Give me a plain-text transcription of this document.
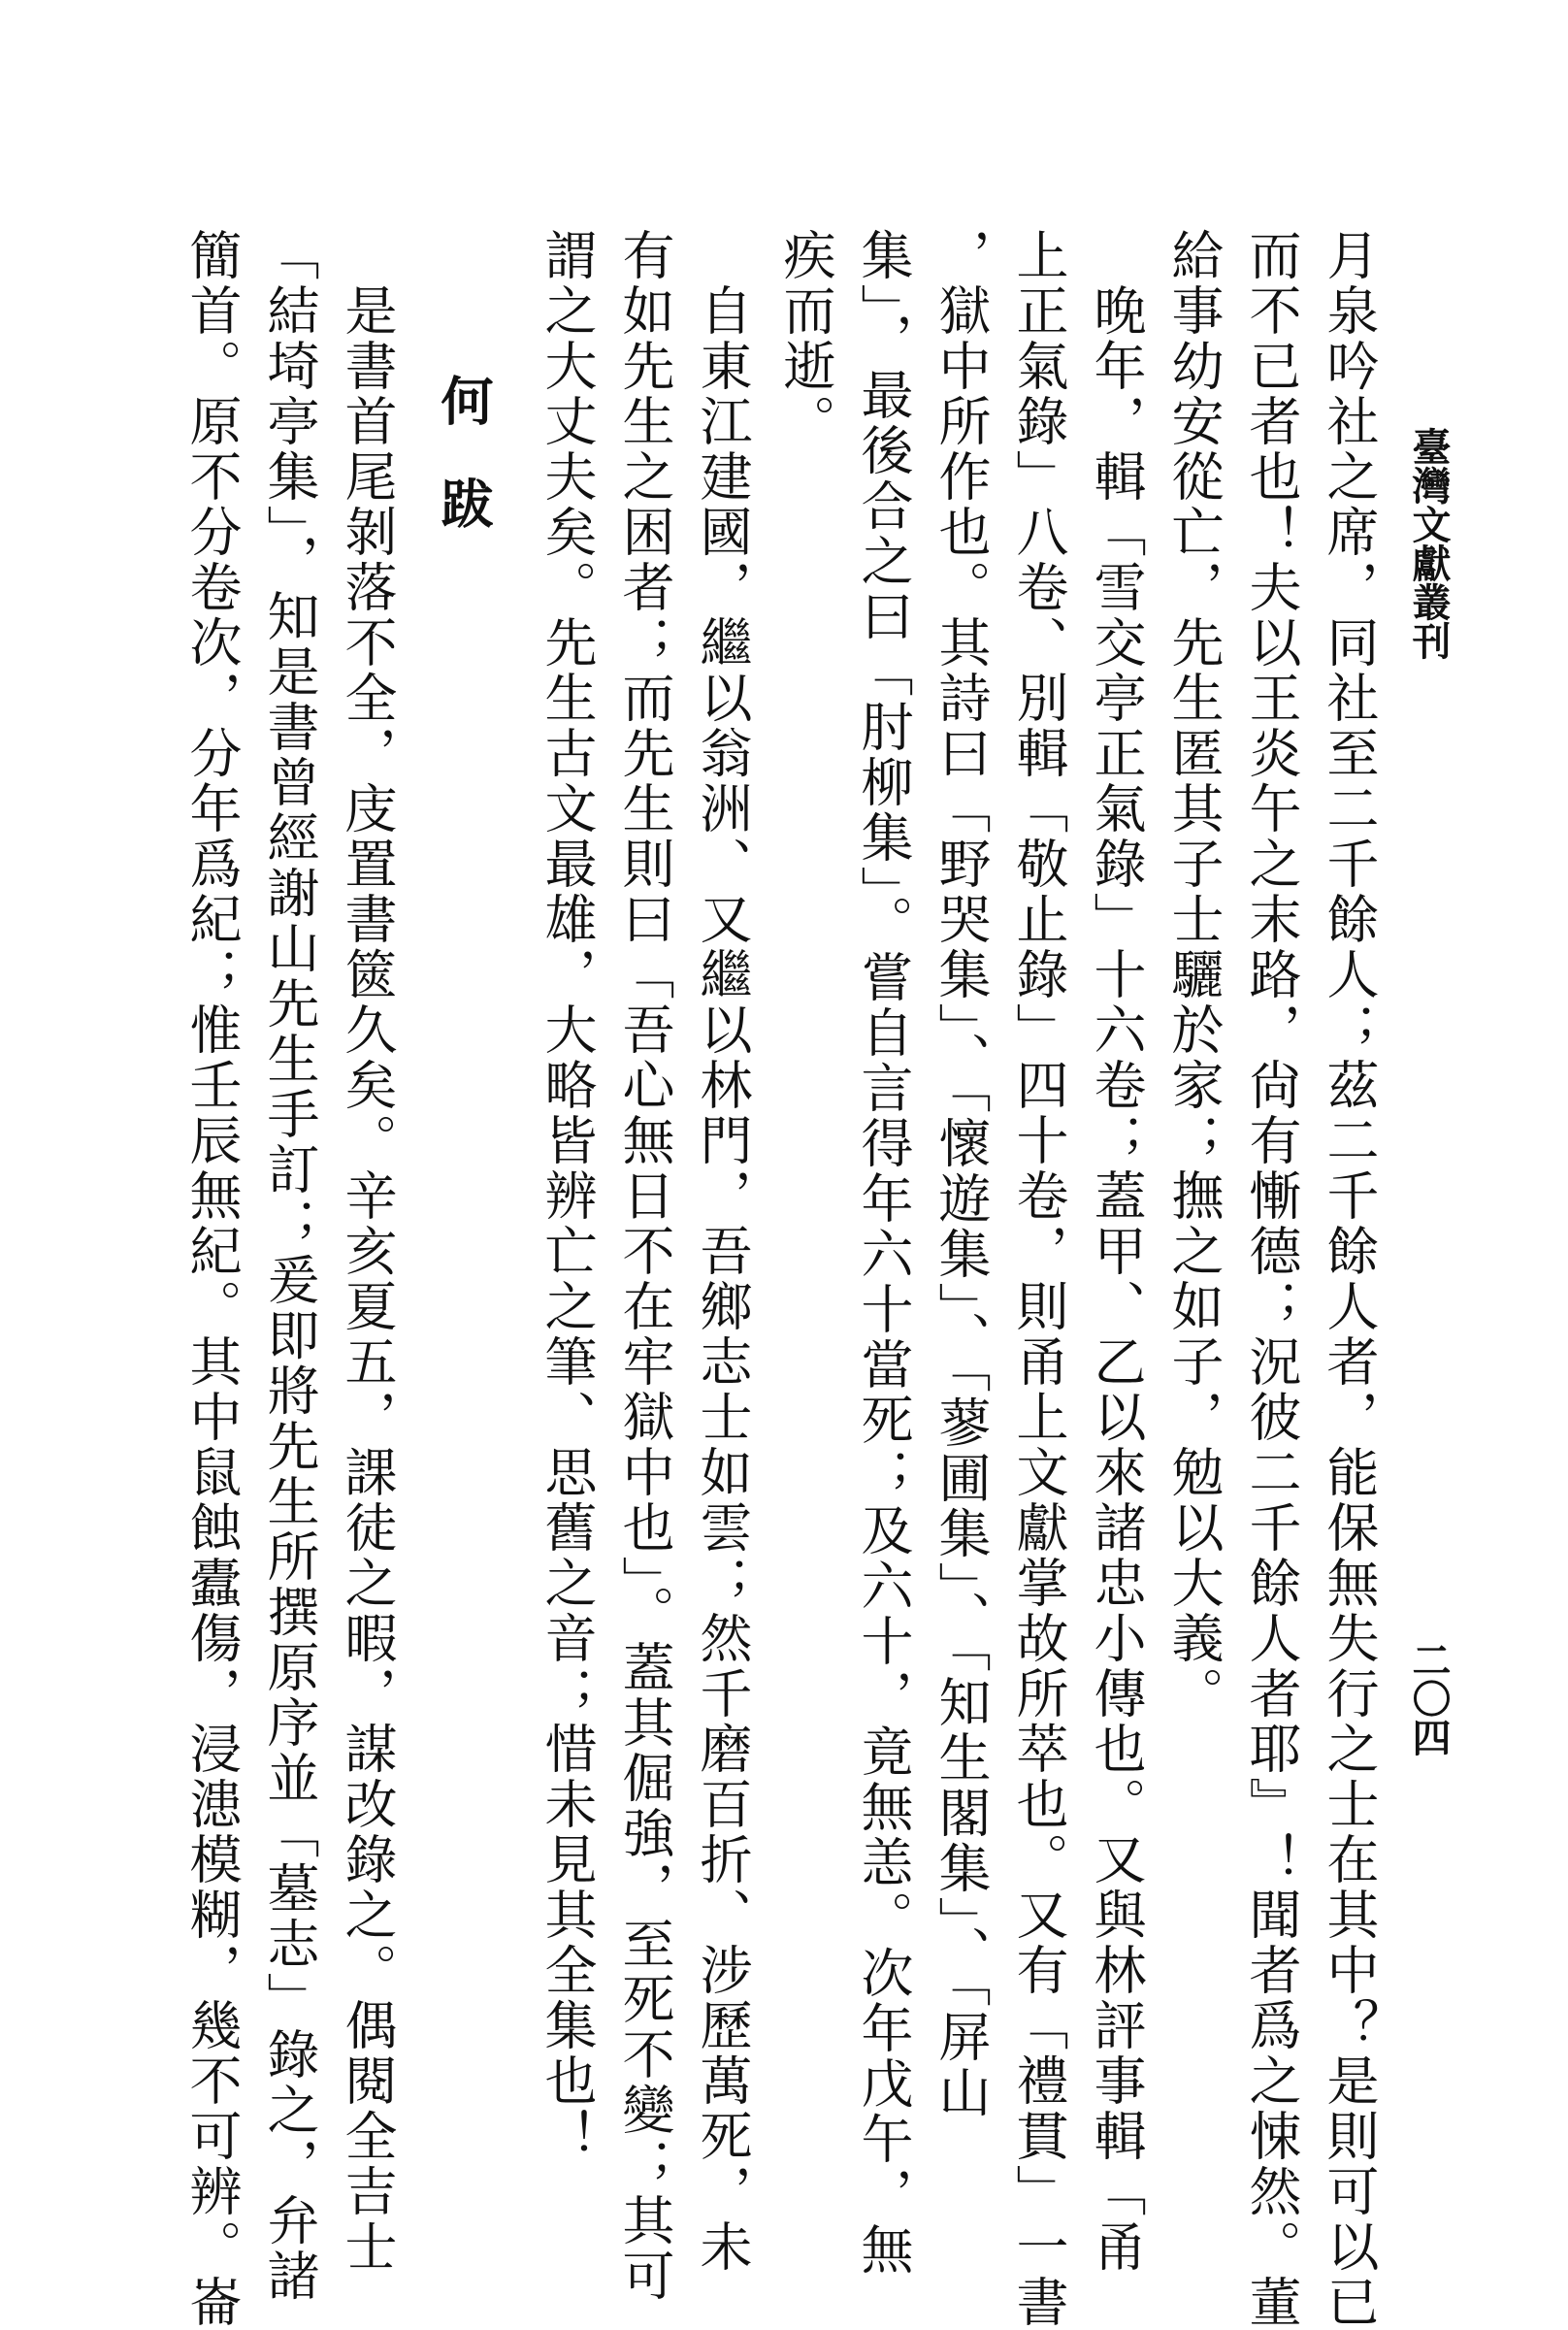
臺灣文獻叢刊
二〇四

月泉吟社之席，同社至二千餘人；茲二千餘人者，能保無失行之士在其中？是則可以已
而不已者也！夫以王炎午之末路，尙有慚德；況彼二千餘人者耶』！聞者爲之悚然。董
給事幼安從亡，先生匿其子士驪於家；撫之如子，勉以大義。

　晚年，輯「雪交亭正氣錄」十六卷；蓋甲、乙以來諸忠小傳也。又與林評事輯「甬
上正氣錄」八卷、別輯「敬止錄」四十卷，則甬上文獻掌故所萃也。又有「禮貫」一書
，獄中所作也。其詩曰「野哭集」、「懷遊集」、「蓼圃集」、「知生閣集」、「屏山
集」，最後合之曰「肘柳集」。嘗自言得年六十當死；及六十，竟無恙。次年戊午，無
疾而逝。

　自東江建國，繼以翁洲、又繼以林門，吾鄉志士如雲；然千磨百折、涉歷萬死，未
有如先生之困者；而先生則曰「吾心無日不在牢獄中也」。蓋其倔強，至死不變；其可
謂之大丈夫矣。先生古文最雄，大略皆辨亡之筆、思舊之音；惜未見其全集也！

何跋

　是書首尾剝落不全，庋置書篋久矣。辛亥夏五，課徒之暇，謀改錄之。偶閱全吉士
「結埼亭集」，知是書曾經謝山先生手訂；爰即將先生所撰原序並「墓志」錄之，弁諸
簡首。原不分卷次，分年爲紀；惟壬辰無紀。其中鼠蝕蠹傷，浸漶模糊，幾不可辨。崙
